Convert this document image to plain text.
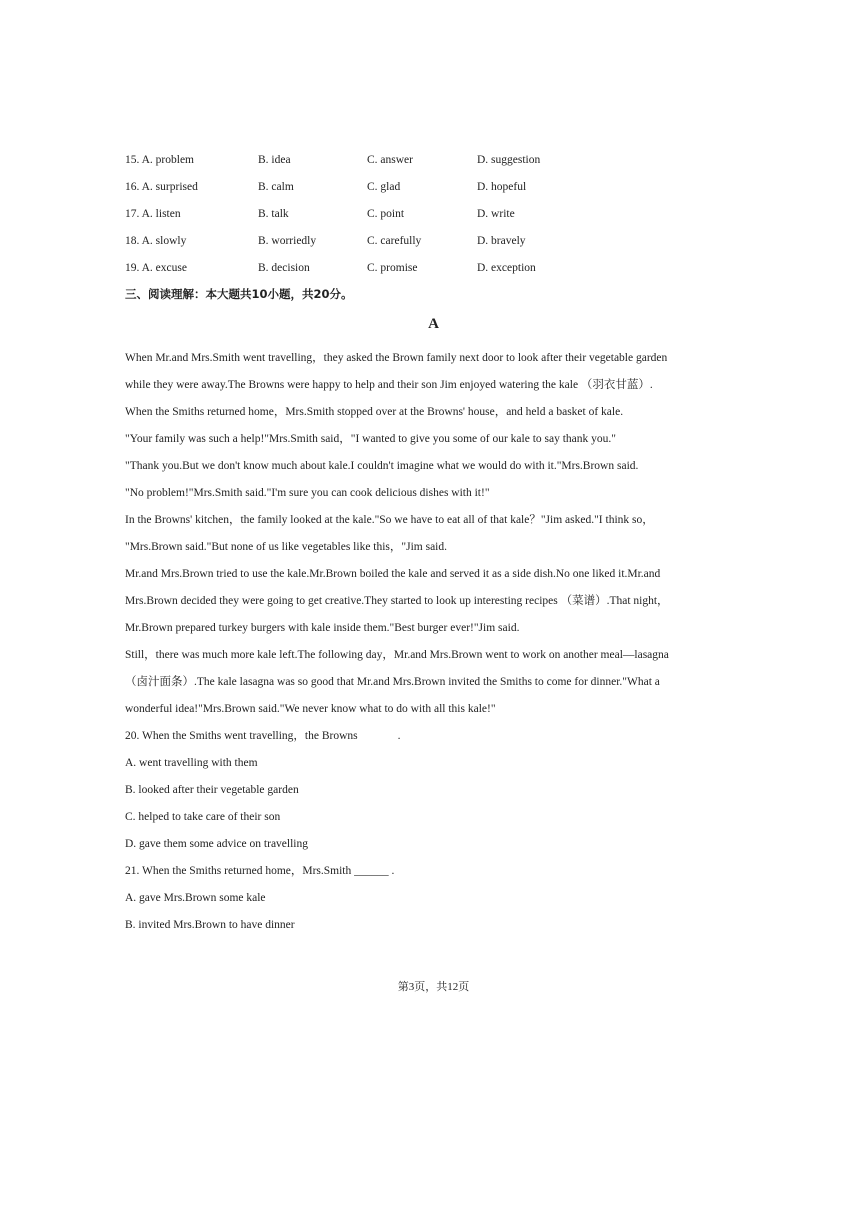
15. A. problem	B. idea	C. answer	D. suggestion
16. A. surprised	B. calm	C. glad	D. hopeful
17. A. listen	B. talk	C. point	D. write
18. A. slowly	B. worriedly	C. carefully	D. bravely
19. A. excuse	B. decision	C. promise	D. exception
三、阅读理解：本大题共10小题，共20分。
A
When Mr.and Mrs.Smith went travelling，they asked the Brown family next door to look after their vegetable garden
while they were away.The Browns were happy to help and their son Jim enjoyed watering the kale （羽衣甘蓝）.
When the Smiths returned home，Mrs.Smith stopped over at the Browns' house，and held a basket of kale.
"Your family was such a help!"Mrs.Smith said，"I wanted to give you some of our kale to say thank you."
"Thank you.But we don't know much about kale.I couldn't imagine what we would do with it."Mrs.Brown said.
"No problem!"Mrs.Smith said."I'm sure you can cook delicious dishes with it!"
In the Browns' kitchen，the family looked at the kale."So we have to eat all of that kale？"Jim asked."I think so，
"Mrs.Brown said."But none of us like vegetables like this，"Jim said.
Mr.and Mrs.Brown tried to use the kale.Mr.Brown boiled the kale and served it as a side dish.No one liked it.Mr.and
Mrs.Brown decided they were going to get creative.They started to look up interesting recipes （菜谱）.That night，
Mr.Brown prepared turkey burgers with kale inside them."Best burger ever!"Jim said.
Still，there was much more kale left.The following day，Mr.and Mrs.Brown went to work on another meal—lasagna
（卤汁面条）.The kale lasagna was so good that Mr.and Mrs.Brown invited the Smiths to come for dinner."What a
wonderful idea!"Mrs.Brown said."We never know what to do with all this kale!"
20. When the Smiths went travelling，the Browns	.
A. went travelling with them
B. looked after their vegetable garden
C. helped to take care of their son
D. gave them some advice on travelling
21. When the Smiths returned home，Mrs.Smith ______ .
A. gave Mrs.Brown some kale
B. invited Mrs.Brown to have dinner
第3页，共12页
